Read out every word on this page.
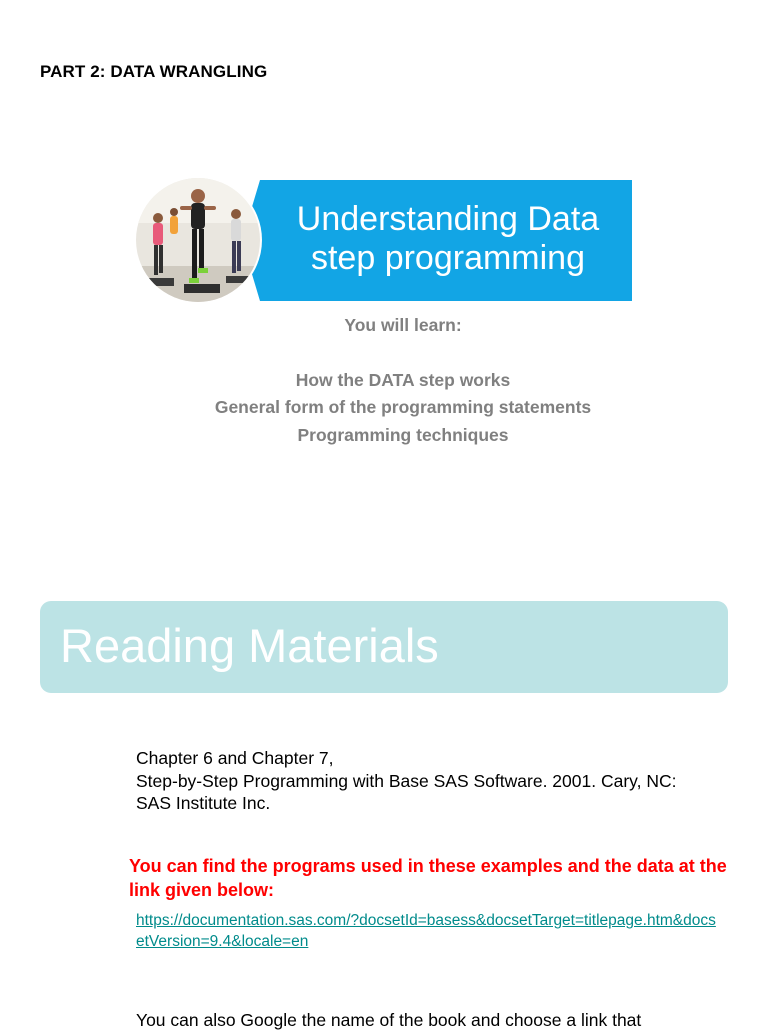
PART 2: DATA WRANGLING
Understanding Data
step programming
You will learn:
How the DATA step works
General form of the programming statements
Programming techniques
Reading Materials
Chapter 6 and Chapter 7,
Step-by-Step Programming with Base SAS Software. 2001. Cary, NC: SAS Institute Inc.
You can find the programs used in these examples and the data at the link given below:
https://documentation.sas.com/?docsetId=basess&docsetTarget=titlepage.htm&docsetVersion=9.4&locale=en
You can also Google the name of the book and choose a link that
